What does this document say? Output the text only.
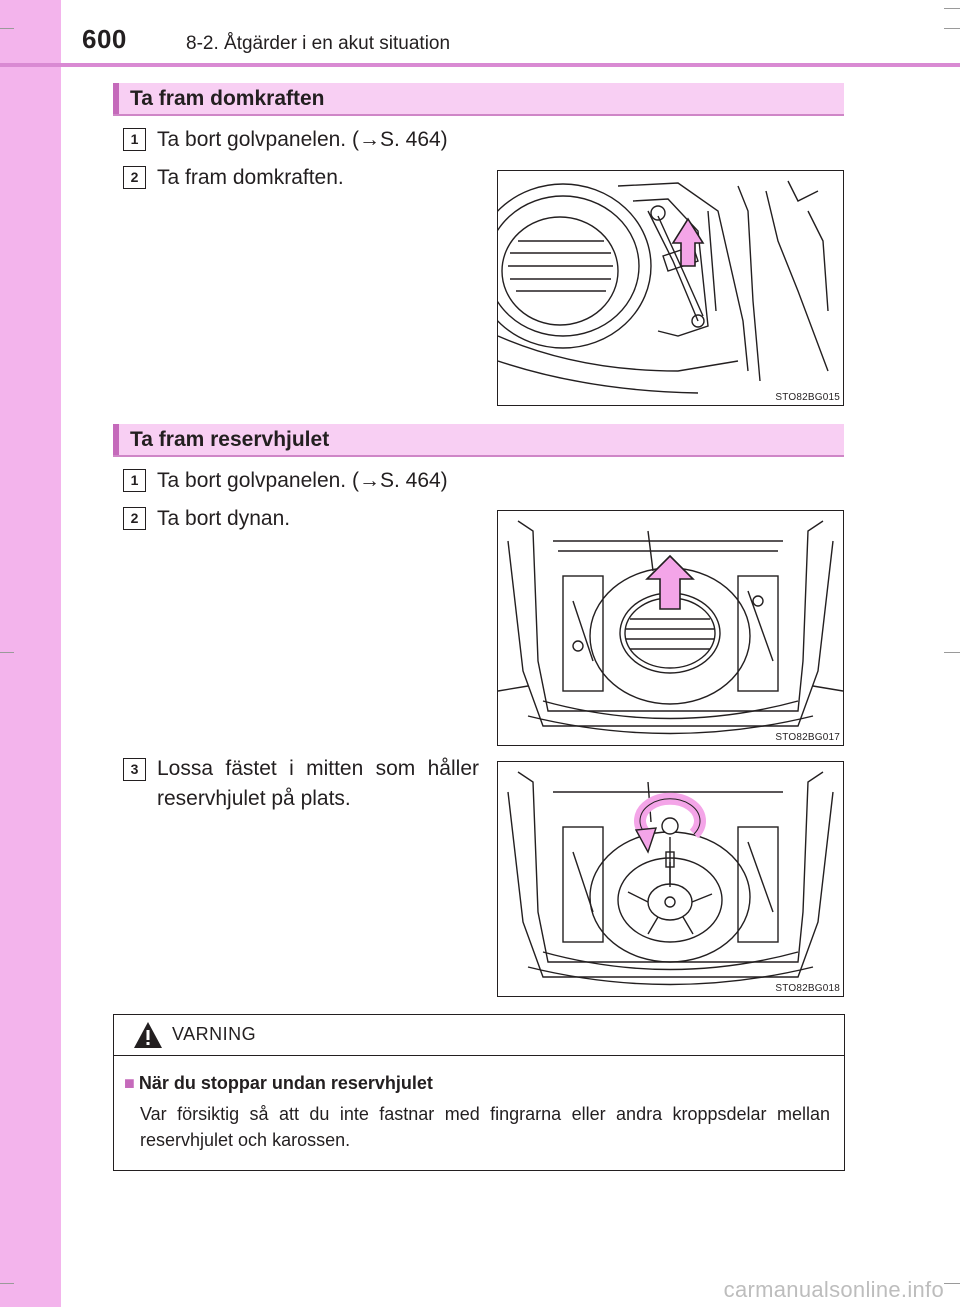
600	8-2. Åtgärder i en akut situation
Ta fram domkraften
1 Ta bort golvpanelen. (→S. 464)
2 Ta fram domkraften.
STO82BG015
Ta fram reservhjulet
1 Ta bort golvpanelen. (→S. 464)
2 Ta bort dynan.
3 Lossa fästet i mitten som håller reservhjulet på plats.
STO82BG017
STO82BG018
VARNING
■ När du stoppar undan reservhjulet
Var försiktig så att du inte fastnar med fingrarna eller andra kroppsdelar mellan reservhjulet och karossen.
carmanualsonline.info
